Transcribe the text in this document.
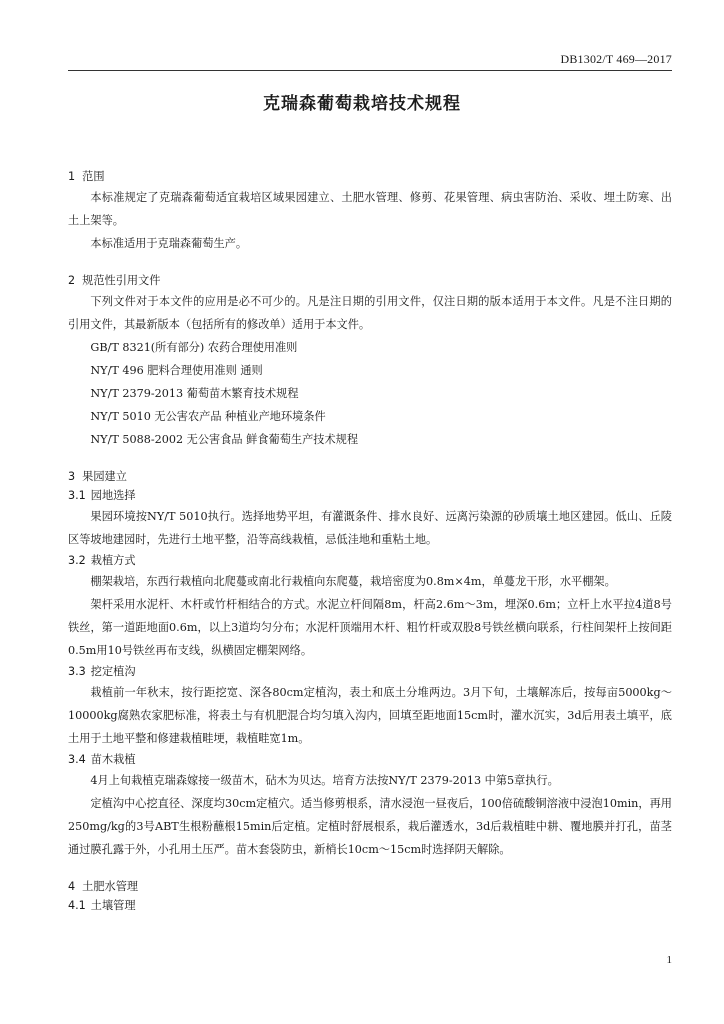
DB1302/T 469—2017
克瑞森葡萄栽培技术规程
1 范围

本标准规定了克瑞森葡萄适宜栽培区域果园建立、土肥水管理、修剪、花果管理、病虫害防治、采收、埋土防寒、出土上架等。

本标准适用于克瑞森葡萄生产。

2 规范性引用文件

下列文件对于本文件的应用是必不可少的。凡是注日期的引用文件，仅注日期的版本适用于本文件。凡是不注日期的引用文件，其最新版本（包括所有的修改单）适用于本文件。

GB/T 8321(所有部分) 农药合理使用准则

NY/T 496 肥料合理使用准则 通则

NY/T 2379-2013 葡萄苗木繁育技术规程

NY/T 5010 无公害农产品 种植业产地环境条件

NY/T 5088-2002 无公害食品 鲜食葡萄生产技术规程

3 果园建立
3.1 园地选择

果园环境按NY/T 5010执行。选择地势平坦，有灌溉条件、排水良好、远离污染源的砂质壤土地区建园。低山、丘陵区等坡地建园时，先进行土地平整，沿等高线栽植，忌低洼地和重粘土地。

3.2 栽植方式

棚架栽培，东西行栽植向北爬蔓或南北行栽植向东爬蔓，栽培密度为0.8m×4m，单蔓龙干形，水平棚架。

架杆采用水泥杆、木杆或竹杆相结合的方式。水泥立杆间隔8m，杆高2.6m～3m，埋深0.6m；立杆上水平拉4道8号铁丝，第一道距地面0.6m，以上3道均匀分布；水泥杆顶端用木杆、粗竹杆或双股8号铁丝横向联系，行柱间架杆上按间距0.5m用10号铁丝再布支线，纵横固定棚架网络。

3.3 挖定植沟

栽植前一年秋末，按行距挖宽、深各80cm定植沟，表土和底土分堆两边。3月下旬，土壤解冻后，按每亩5000kg～10000kg腐熟农家肥标准，将表土与有机肥混合均匀填入沟内，回填至距地面15cm时，灌水沉实，3d后用表土填平，底土用于土地平整和修建栽植畦埂，栽植畦宽1m。

3.4 苗木栽植

4月上旬栽植克瑞森嫁接一级苗木，砧木为贝达。培育方法按NY/T 2379-2013 中第5章执行。

定植沟中心挖直径、深度均30cm定植穴。适当修剪根系，清水浸泡一昼夜后，100倍硫酸铜溶液中浸泡10min，再用250mg/kg的3号ABT生根粉蘸根15min后定植。定植时舒展根系，栽后灌透水，3d后栽植畦中耕、覆地膜并打孔，苗茎通过膜孔露于外，小孔用土压严。苗木套袋防虫，新梢长10cm～15cm时选择阴天解除。

4 土肥水管理
4.1 土壤管理
1
